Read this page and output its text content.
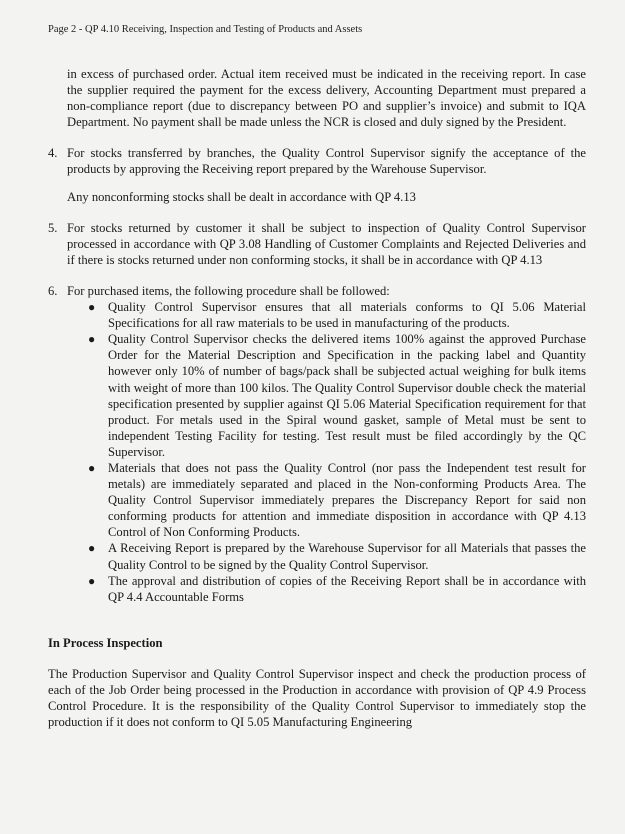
Page 2 - QP 4.10 Receiving, Inspection and Testing of Products and Assets

in excess of purchased order. Actual item received must be indicated in the receiving report. In case the supplier required the payment for the excess delivery, Accounting Department must prepared a non-compliance report (due to discrepancy between PO and supplier’s invoice) and submit to IQA Department. No payment shall be made unless the NCR is closed and duly signed by the President.

4. For stocks transferred by branches, the Quality Control Supervisor signify the acceptance of the products by approving the Receiving report prepared by the Warehouse Supervisor.

Any nonconforming stocks shall be dealt in accordance with QP 4.13

5. For stocks returned by customer it shall be subject to inspection of Quality Control Supervisor processed in accordance with QP 3.08 Handling of Customer Complaints and Rejected Deliveries and if there is stocks returned under non conforming stocks, it shall be in accordance with QP 4.13

6. For purchased items, the following procedure shall be followed:

● Quality Control Supervisor ensures that all materials conforms to QI 5.06 Material Specifications for all raw materials to be used in manufacturing of the products.
● Quality Control Supervisor checks the delivered items 100% against the approved Purchase Order for the Material Description and Specification in the packing label and Quantity however only 10% of number of bags/pack shall be subjected actual weighing for bulk items with weight of more than 100 kilos. The Quality Control Supervisor double check the material specification presented by supplier against QI 5.06 Material Specification requirement for that product. For metals used in the Spiral wound gasket, sample of Metal must be sent to independent Testing Facility for testing. Test result must be filed accordingly by the QC Supervisor.
● Materials that does not pass the Quality Control (nor pass the Independent test result for metals) are immediately separated and placed in the Non-conforming Products Area. The Quality Control Supervisor immediately prepares the Discrepancy Report for said non conforming products for attention and immediate disposition in accordance with QP 4.13 Control of Non Conforming Products.
● A Receiving Report is prepared by the Warehouse Supervisor for all Materials that passes the Quality Control to be signed by the Quality Control Supervisor.
● The approval and distribution of copies of the Receiving Report shall be in accordance with QP 4.4 Accountable Forms

In Process Inspection

The Production Supervisor and Quality Control Supervisor inspect and check the production process of each of the Job Order being processed in the Production in accordance with provision of QP 4.9 Process Control Procedure. It is the responsibility of the Quality Control Supervisor to immediately stop the production if it does not conform to QI 5.05 Manufacturing Engineering
